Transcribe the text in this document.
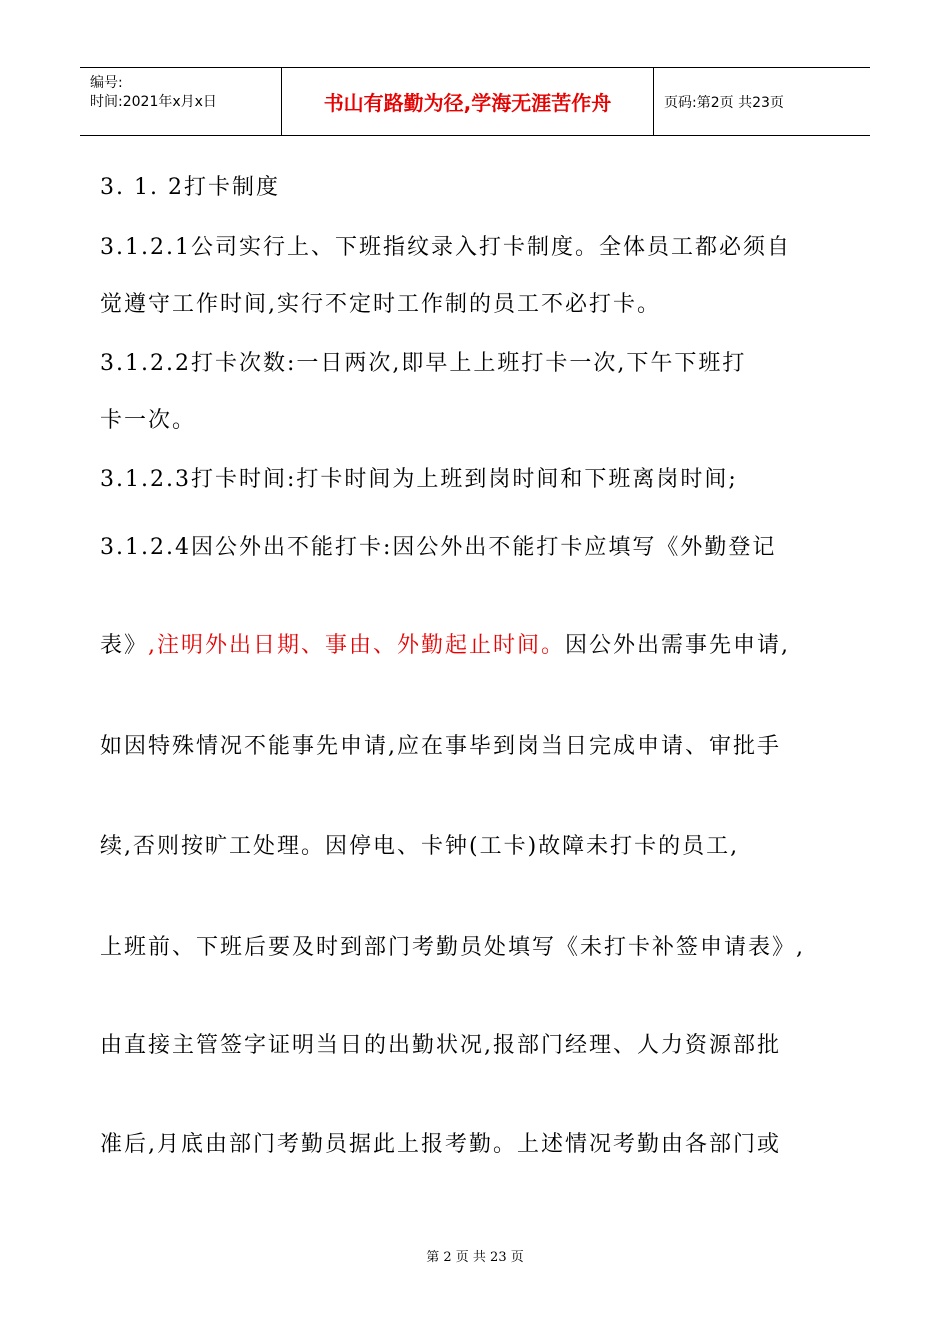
编号:
时间:2021年x月x日	书山有路勤为径,学海无涯苦作舟	页码:第2页 共23页
3. 1. 2打卡制度
3.1.2.1公司实行上、下班指纹录入打卡制度。全体员工都必须自
觉遵守工作时间,实行不定时工作制的员工不必打卡。
3.1.2.2打卡次数:一日两次,即早上上班打卡一次,下午下班打
卡一次。
3.1.2.3打卡时间:打卡时间为上班到岗时间和下班离岗时间;
3.1.2.4因公外出不能打卡:因公外出不能打卡应填写《外勤登记
表》,注明外出日期、事由、外勤起止时间。因公外出需事先申请,
如因特殊情况不能事先申请,应在事毕到岗当日完成申请、审批手
续,否则按旷工处理。因停电、卡钟(工卡)故障未打卡的员工,
上班前、下班后要及时到部门考勤员处填写《未打卡补签申请表》,
由直接主管签字证明当日的出勤状况,报部门经理、人力资源部批
准后,月底由部门考勤员据此上报考勤。上述情况考勤由各部门或
第 2 页 共 23 页
